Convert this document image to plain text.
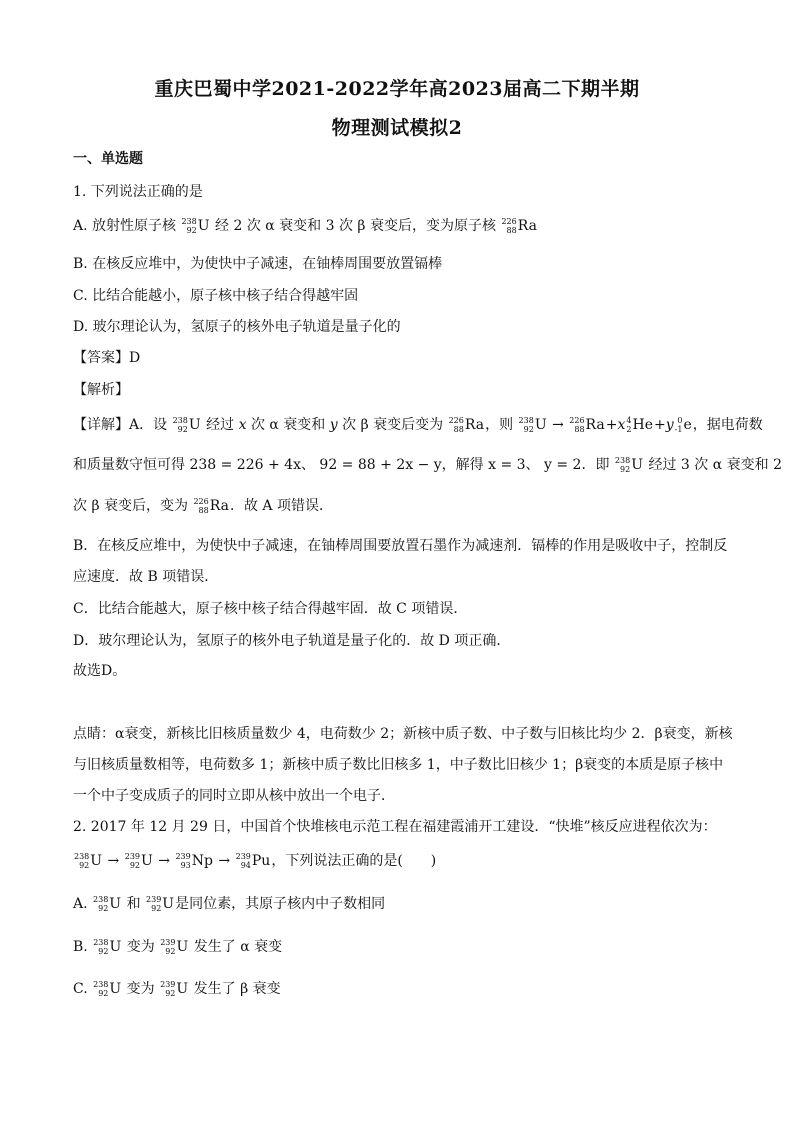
重庆巴蜀中学2021-2022学年高2023届高二下期半期
物理测试模拟2
一、单选题
1. 下列说法正确的是
A. 放射性原子核 238
92 U 经 2 次 α 衰变和 3 次 β 衰变后，变为原子核 226
88 Ra
B. 在核反应堆中，为使快中子减速，在铀棒周围要放置镉棒
C. 比结合能越小，原子核中核子结合得越牢固
D. 玻尔理论认为，氢原子的核外电子轨道是量子化的
【答案】D
【解析】
【详解】A．设 238
92 U 经过 x 次 α 衰变和 y 次 β 衰变后变为 226
88 Ra，则 238
92 U → 226
88 Ra+x 4
2 He+y 0
-1 e，据电荷数
和质量数守恒可得 238 = 226 + 4x、 92 = 88 + 2x − y，解得 x = 3、 y = 2．即 238
92 U 经过 3 次 α 衰变和 2
次 β 衰变后，变为 226
88 Ra．故 A 项错误．
B．在核反应堆中，为使快中子减速，在铀棒周围要放置石墨作为减速剂．镉棒的作用是吸收中子，控制反
应速度．故 B 项错误．
C．比结合能越大，原子核中核子结合得越牢固．故 C 项错误．
D．玻尔理论认为，氢原子的核外电子轨道是量子化的．故 D 项正确．
故选D。
点睛：α衰变，新核比旧核质量数少 4，电荷数少 2；新核中质子数、中子数与旧核比均少 2．β衰变，新核
与旧核质量数相等，电荷数多 1；新核中质子数比旧核多 1，中子数比旧核少 1；β衰变的本质是原子核中
一个中子变成质子的同时立即从核中放出一个电子．
2. 2017 年 12 月 29 日，中国首个快堆核电示范工程在福建霞浦开工建设．“快堆”核反应进程依次为：
238
92 U → 239
92 U → 239
93 Np → 239
94 Pu，下列说法正确的是(　　)
A. 238
92 U 和 239
92 U是同位素，其原子核内中子数相同
B. 238
92 U 变为 239
92 U 发生了 α 衰变
C. 238
92 U 变为 239
92 U 发生了 β 衰变
